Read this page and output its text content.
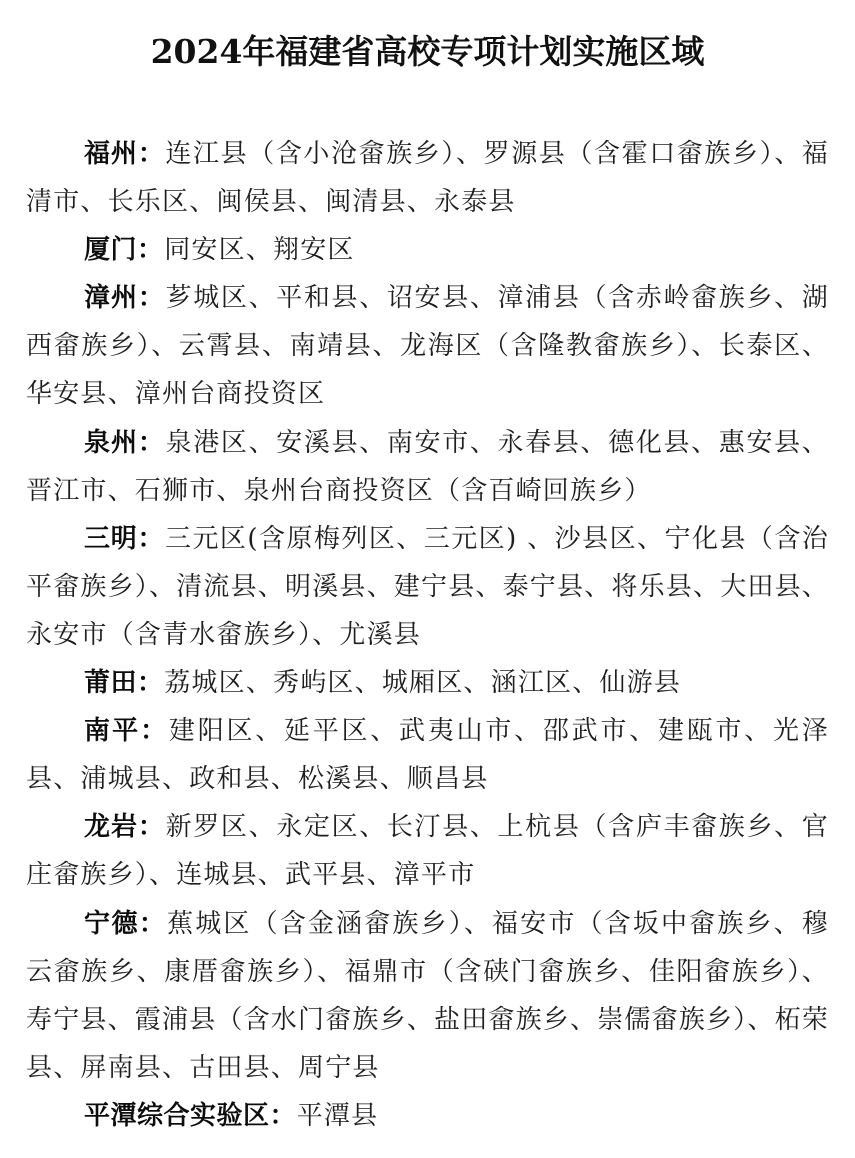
2024年福建省高校专项计划实施区域
福州：连江县（含小沧畲族乡）、罗源县（含霍口畲族乡）、福清市、长乐区、闽侯县、闽清县、永泰县
厦门：同安区、翔安区
漳州：芗城区、平和县、诏安县、漳浦县（含赤岭畲族乡、湖西畲族乡）、云霄县、南靖县、龙海区（含隆教畲族乡）、长泰区、华安县、漳州台商投资区
泉州：泉港区、安溪县、南安市、永春县、德化县、惠安县、晋江市、石狮市、泉州台商投资区（含百崎回族乡）
三明：三元区(含原梅列区、三元区) 、沙县区、宁化县（含治平畲族乡）、清流县、明溪县、建宁县、泰宁县、将乐县、大田县、永安市（含青水畲族乡）、尤溪县
莆田：荔城区、秀屿区、城厢区、涵江区、仙游县
南平：建阳区、延平区、武夷山市、邵武市、建瓯市、光泽县、浦城县、政和县、松溪县、顺昌县
龙岩：新罗区、永定区、长汀县、上杭县（含庐丰畲族乡、官庄畲族乡）、连城县、武平县、漳平市
宁德：蕉城区（含金涵畲族乡）、福安市（含坂中畲族乡、穆云畲族乡、康厝畲族乡）、福鼎市（含硖门畲族乡、佳阳畲族乡）、寿宁县、霞浦县（含水门畲族乡、盐田畲族乡、崇儒畲族乡）、柘荣县、屏南县、古田县、周宁县
平潭综合实验区：平潭县
